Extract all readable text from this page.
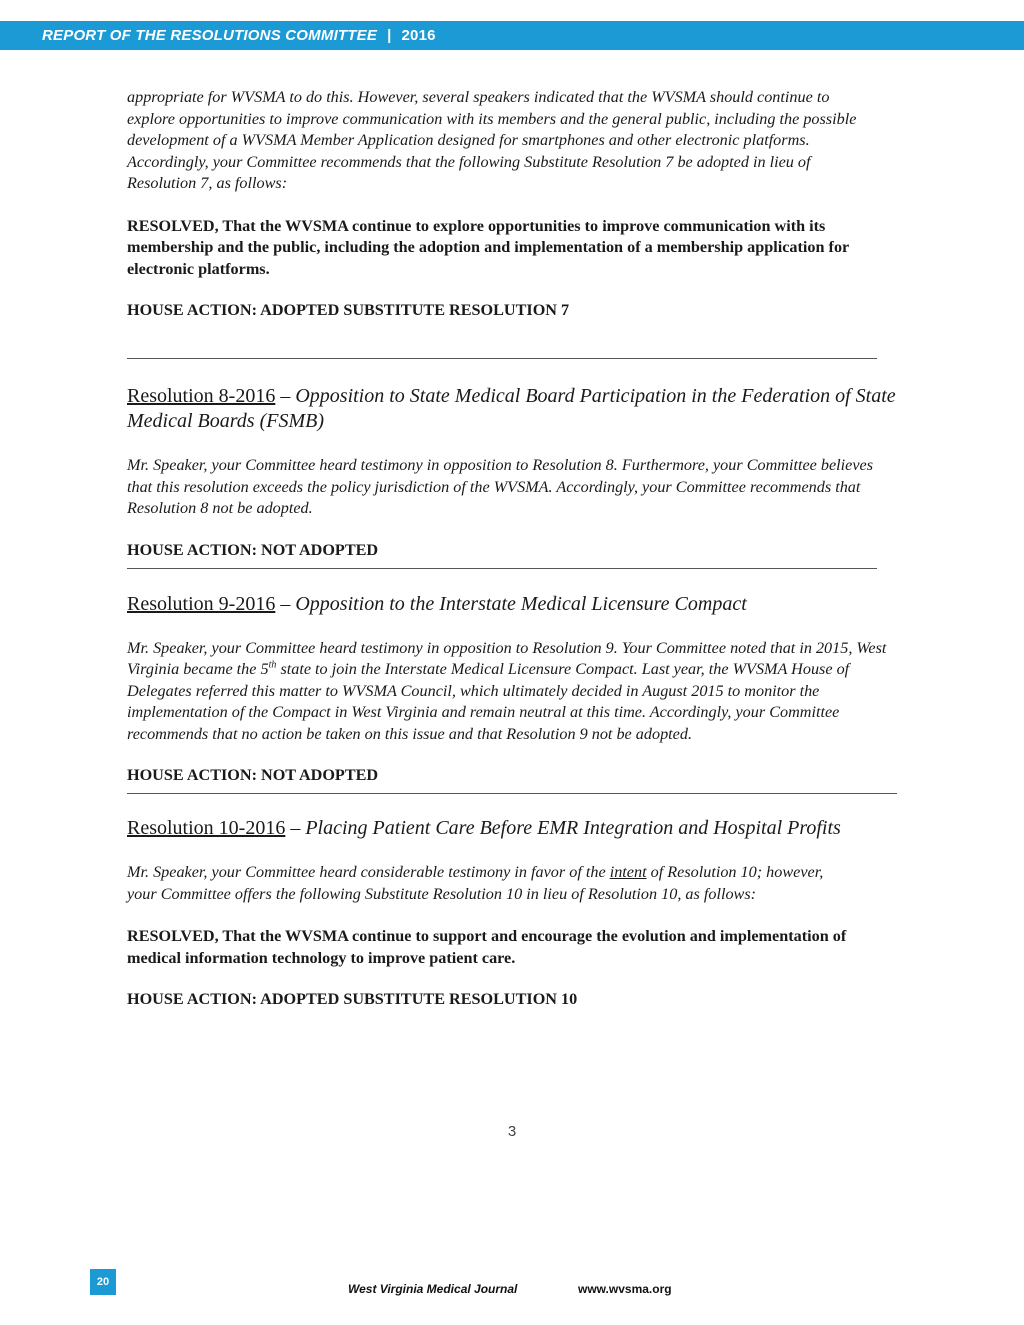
REPORT OF THE RESOLUTIONS COMMITTEE | 2016

appropriate for WVSMA to do this. However, several speakers indicated that the WVSMA should continue to explore opportunities to improve communication with its members and the general public, including the possible development of a WVSMA Member Application designed for smartphones and other electronic platforms. Accordingly, your Committee recommends that the following Substitute Resolution 7 be adopted in lieu of Resolution 7, as follows:

RESOLVED, That the WVSMA continue to explore opportunities to improve communication with its membership and the public, including the adoption and implementation of a membership application for electronic platforms.

HOUSE ACTION: ADOPTED SUBSTITUTE RESOLUTION 7

Resolution 8-2016 – Opposition to State Medical Board Participation in the Federation of State Medical Boards (FSMB)

Mr. Speaker, your Committee heard testimony in opposition to Resolution 8. Furthermore, your Committee believes that this resolution exceeds the policy jurisdiction of the WVSMA. Accordingly, your Committee recommends that Resolution 8 not be adopted.

HOUSE ACTION: NOT ADOPTED

Resolution 9-2016 – Opposition to the Interstate Medical Licensure Compact

Mr. Speaker, your Committee heard testimony in opposition to Resolution 9. Your Committee noted that in 2015, West Virginia became the 5th state to join the Interstate Medical Licensure Compact. Last year, the WVSMA House of Delegates referred this matter to WVSMA Council, which ultimately decided in August 2015 to monitor the implementation of the Compact in West Virginia and remain neutral at this time. Accordingly, your Committee recommends that no action be taken on this issue and that Resolution 9 not be adopted.

HOUSE ACTION: NOT ADOPTED

Resolution 10-2016 – Placing Patient Care Before EMR Integration and Hospital Profits

Mr. Speaker, your Committee heard considerable testimony in favor of the intent of Resolution 10; however, your Committee offers the following Substitute Resolution 10 in lieu of Resolution 10, as follows:

RESOLVED, That the WVSMA continue to support and encourage the evolution and implementation of medical information technology to improve patient care.

HOUSE ACTION: ADOPTED SUBSTITUTE RESOLUTION 10

3
20	West Virginia Medical Journal	www.wvsma.org
